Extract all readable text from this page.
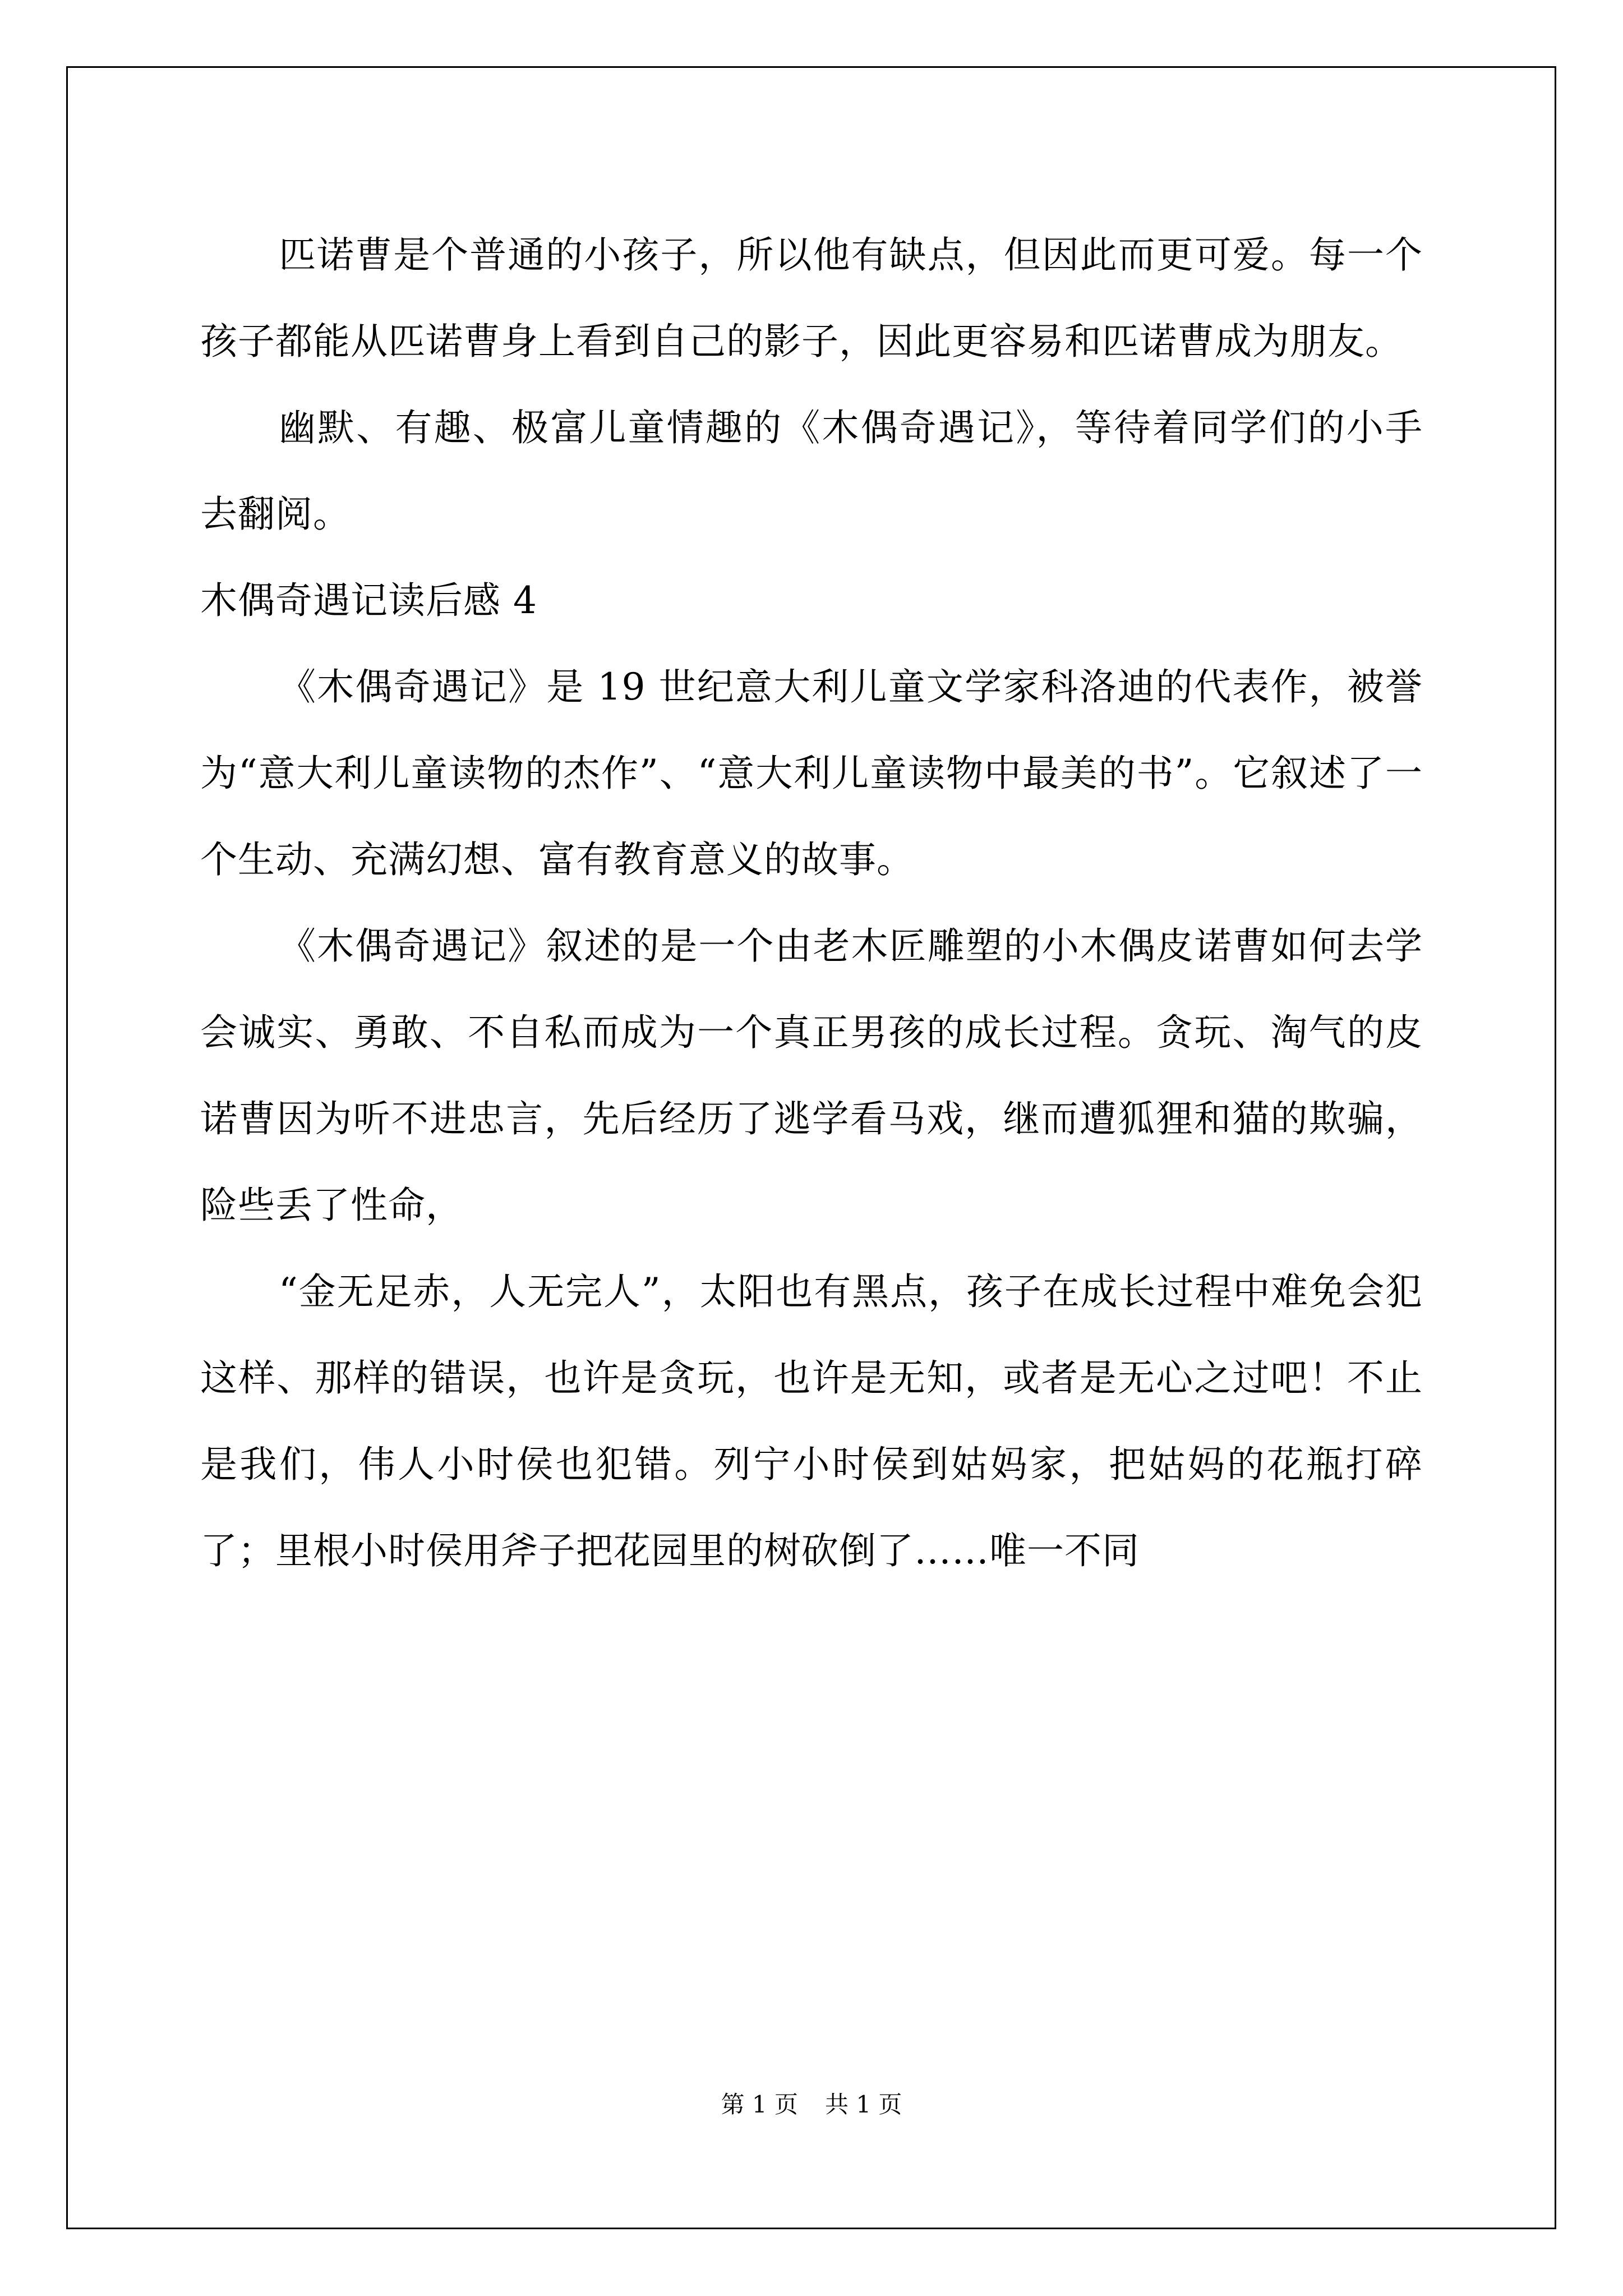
匹诺曹是个普通的小孩子，所以他有缺点，但因此而更可爱。每一个孩子都能从匹诺曹身上看到自己的影子，因此更容易和匹诺曹成为朋友。

幽默、有趣、极富儿童情趣的《木偶奇遇记》，等待着同学们的小手去翻阅。

木偶奇遇记读后感 4

《木偶奇遇记》是 19 世纪意大利儿童文学家科洛迪的代表作，被誉为“意大利儿童读物的杰作”、“意大利儿童读物中最美的书”。它叙述了一个生动、充满幻想、富有教育意义的故事。

《木偶奇遇记》叙述的是一个由老木匠雕塑的小木偶皮诺曹如何去学会诚实、勇敢、不自私而成为一个真正男孩的成长过程。贪玩、淘气的皮诺曹因为听不进忠言，先后经历了逃学看马戏，继而遭狐狸和猫的欺骗，险些丢了性命，

“金无足赤，人无完人”，太阳也有黑点，孩子在成长过程中难免会犯这样、那样的错误，也许是贪玩，也许是无知，或者是无心之过吧！不止是我们，伟人小时侯也犯错。列宁小时侯到姑妈家，把姑妈的花瓶打碎了；里根小时侯用斧子把花园里的树砍倒了……唯一不同

第 1 页 共 1 页
